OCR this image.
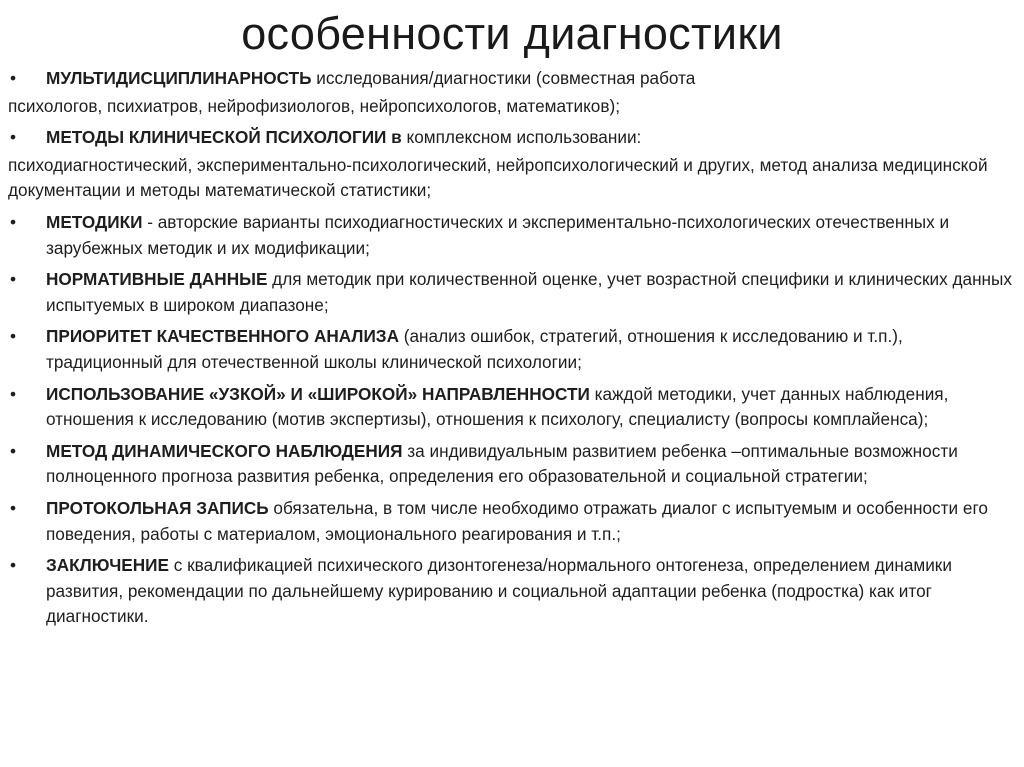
особенности диагностики
• МУЛЬТИДИСЦИПЛИНАРНОСТЬ исследования/диагностики (совместная работа
психологов, психиатров, нейрофизиологов, нейропсихологов, математиков);
• МЕТОДЫ КЛИНИЧЕСКОЙ ПСИХОЛОГИИ в комплексном использовании:
психодиагностический, экспериментально-психологический, нейропсихологический и других, метод анализа медицинской документации и методы математической статистики;
• МЕТОДИКИ - авторские варианты психодиагностических и экспериментально-психологических отечественных и зарубежных методик и их модификации;
• НОРМАТИВНЫЕ ДАННЫЕ для методик при количественной оценке, учет возрастной специфики и клинических данных испытуемых в широком диапазоне;
• ПРИОРИТЕТ КАЧЕСТВЕННОГО АНАЛИЗА (анализ ошибок, стратегий, отношения к исследованию и т.п.), традиционный для отечественной школы клинической психологии;
• ИСПОЛЬЗОВАНИЕ «УЗКОЙ» И «ШИРОКОЙ» НАПРАВЛЕННОСТИ каждой методики, учет данных наблюдения, отношения к исследованию (мотив экспертизы), отношения к психологу, специалисту (вопросы комплайенса);
• МЕТОД ДИНАМИЧЕСКОГО НАБЛЮДЕНИЯ за индивидуальным развитием ребенка –оптимальные возможности полноценного прогноза развития ребенка, определения его образовательной и социальной стратегии;
• ПРОТОКОЛЬНАЯ ЗАПИСЬ обязательна, в том числе необходимо отражать диалог с испытуемым и особенности его поведения, работы с материалом, эмоционального реагирования и т.п.;
• ЗАКЛЮЧЕНИЕ с квалификацией психического дизонтогенеза/нормального онтогенеза, определением динамики развития, рекомендации по дальнейшему курированию и социальной адаптации ребенка (подростка) как итог диагностики.
